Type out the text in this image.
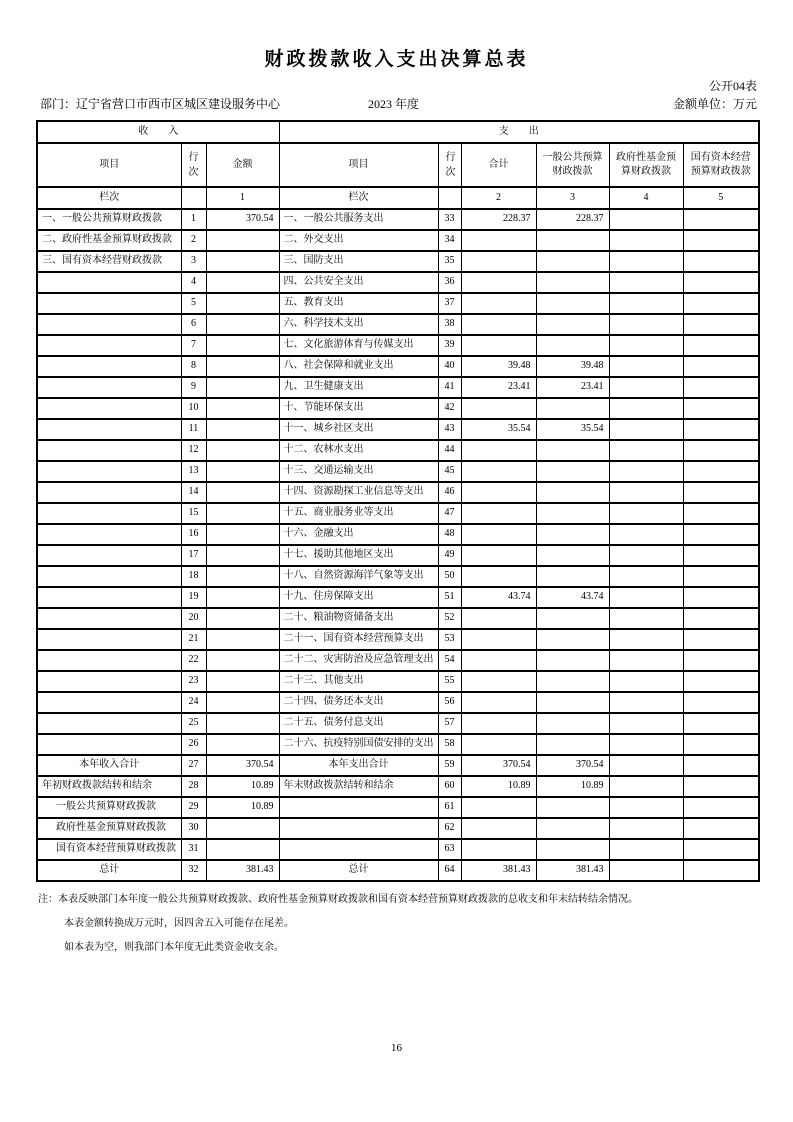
财政拨款收入支出决算总表
公开04表
部门：辽宁省营口市西市区城区建设服务中心	2023 年度	金额单位：万元
收　　入			支　　出					
项目	行次	金额	项目	行次	合计	一般公共预算财政拨款	政府性基金预算财政拨款	国有资本经营预算财政拨款
栏次		1	栏次		2	3	4	5
一、一般公共预算财政拨款	1	370.54	一、一般公共服务支出	33	228.37	228.37		
二、政府性基金预算财政拨款	2		二、外交支出	34				
三、国有资本经营财政拨款	3		三、国防支出	35				
	4		四、公共安全支出	36				
	5		五、教育支出	37				
	6		六、科学技术支出	38				
	7		七、文化旅游体育与传媒支出	39				
	8		八、社会保障和就业支出	40	39.48	39.48		
	9		九、卫生健康支出	41	23.41	23.41		
	10		十、节能环保支出	42				
	11		十一、城乡社区支出	43	35.54	35.54		
	12		十二、农林水支出	44				
	13		十三、交通运输支出	45				
	14		十四、资源勘探工业信息等支出	46				
	15		十五、商业服务业等支出	47				
	16		十六、金融支出	48				
	17		十七、援助其他地区支出	49				
	18		十八、自然资源海洋气象等支出	50				
	19		十九、住房保障支出	51	43.74	43.74		
	20		二十、粮油物资储备支出	52				
	21		二十一、国有资本经营预算支出	53				
	22		二十二、灾害防治及应急管理支出	54				
	23		二十三、其他支出	55				
	24		二十四、债务还本支出	56				
	25		二十五、债务付息支出	57				
	26		二十六、抗疫特别国债安排的支出	58				
本年收入合计	27	370.54	本年支出合计	59	370.54	370.54		
年初财政拨款结转和结余	28	10.89	年末财政拨款结转和结余	60	10.89	10.89		
一般公共预算财政拨款	29	10.89		61				
政府性基金预算财政拨款	30			62				
国有资本经营预算财政拨款	31			63				
总计	32	381.43	总计	64	381.43	381.43		
注：本表反映部门本年度一般公共预算财政拨款、政府性基金预算财政拨款和国有资本经营预算财政拨款的总收支和年末结转结余情况。
本表金额转换成万元时，因四舍五入可能存在尾差。
如本表为空，则我部门本年度无此类资金收支余。
16
